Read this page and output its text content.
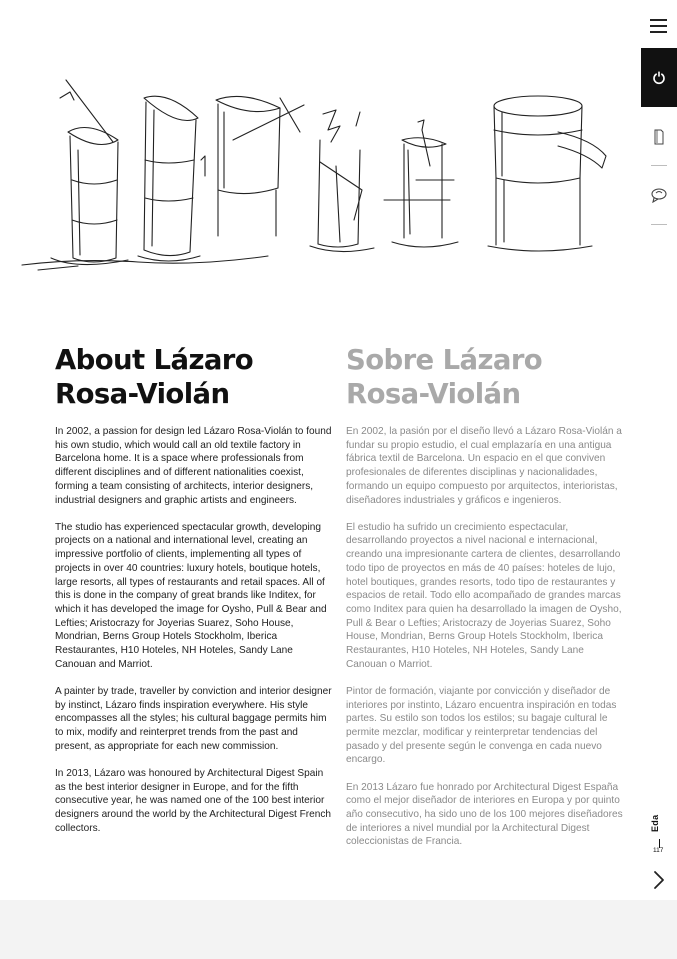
About Lázaro
Rosa-Violán

In 2002, a passion for design led Lázaro Rosa-Violán to found his own studio, which would call an old textile factory in Barcelona home. It is a space where professionals from different disciplines and of different nationalities coexist, forming a team consisting of architects, interior designers, industrial designers and graphic artists and engineers.

The studio has experienced spectacular growth, developing projects on a national and international level, creating an impressive portfolio of clients, implementing all types of projects in over 40 countries: luxury hotels, boutique hotels, large resorts, all types of restaurants and retail spaces. All of this is done in the company of great brands like Inditex, for which it has developed the image for Oysho, Pull & Bear and Lefties; Aristocrazy for Joyerias Suarez, Soho House, Mondrian, Berns Group Hotels Stockholm, Iberica Restaurantes, H10 Hoteles, NH Hoteles, Sandy Lane Canouan and Marriot.

A painter by trade, traveller by conviction and interior designer by instinct, Lázaro finds inspiration everywhere. His style encompasses all the styles; his cultural baggage permits him to mix, modify and reinterpret trends from the past and present, as appropriate for each new commission.

In 2013, Lázaro was honoured by Architectural Digest Spain as the best interior designer in Europe, and for the fifth consecutive year, he was named one of the 100 best interior designers around the world by the Architectural Digest French collectors.

Sobre Lázaro
Rosa-Violán

En 2002, la pasión por el diseño llevó a Lázaro Rosa-Violán a fundar su propio estudio, el cual emplazaría en una antigua fábrica textil de Barcelona. Un espacio en el que conviven profesionales de diferentes disciplinas y nacionalidades, formando un equipo compuesto por arquitectos, interioristas, diseñadores industriales y gráficos e ingenieros.

El estudio ha sufrido un crecimiento espectacular, desarrollando proyectos a nivel nacional e internacional, creando una impresionante cartera de clientes, desarrollando todo tipo de proyectos en más de 40 países: hoteles de lujo, hotel boutiques, grandes resorts, todo tipo de restaurantes y espacios de retail. Todo ello acompañado de grandes marcas como Inditex para quien ha desarrollado la imagen de Oysho, Pull & Bear o Lefties; Aristocrazy de Joyerias Suarez, Soho House, Mondrian, Berns Group Hotels Stockholm, Iberica Restaurantes, H10 Hoteles, NH Hoteles, Sandy Lane Canouan o Marriot.

Pintor de formación, viajante por convicción y diseñador de interiores por instinto, Lázaro encuentra inspiración en todas partes. Su estilo son todos los estilos; su bagaje cultural le permite mezclar, modificar y reinterpretar tendencias del pasado y del presente según le convenga en cada nuevo encargo.

En 2013 Lázaro fue honrado por Architectural Digest España como el mejor diseñador de interiores en Europa y por quinto año consecutivo, ha sido uno de los 100 mejores diseñadores de interiores a nivel mundial por la Architectural Digest coleccionistas de Francia.

Eda
117
